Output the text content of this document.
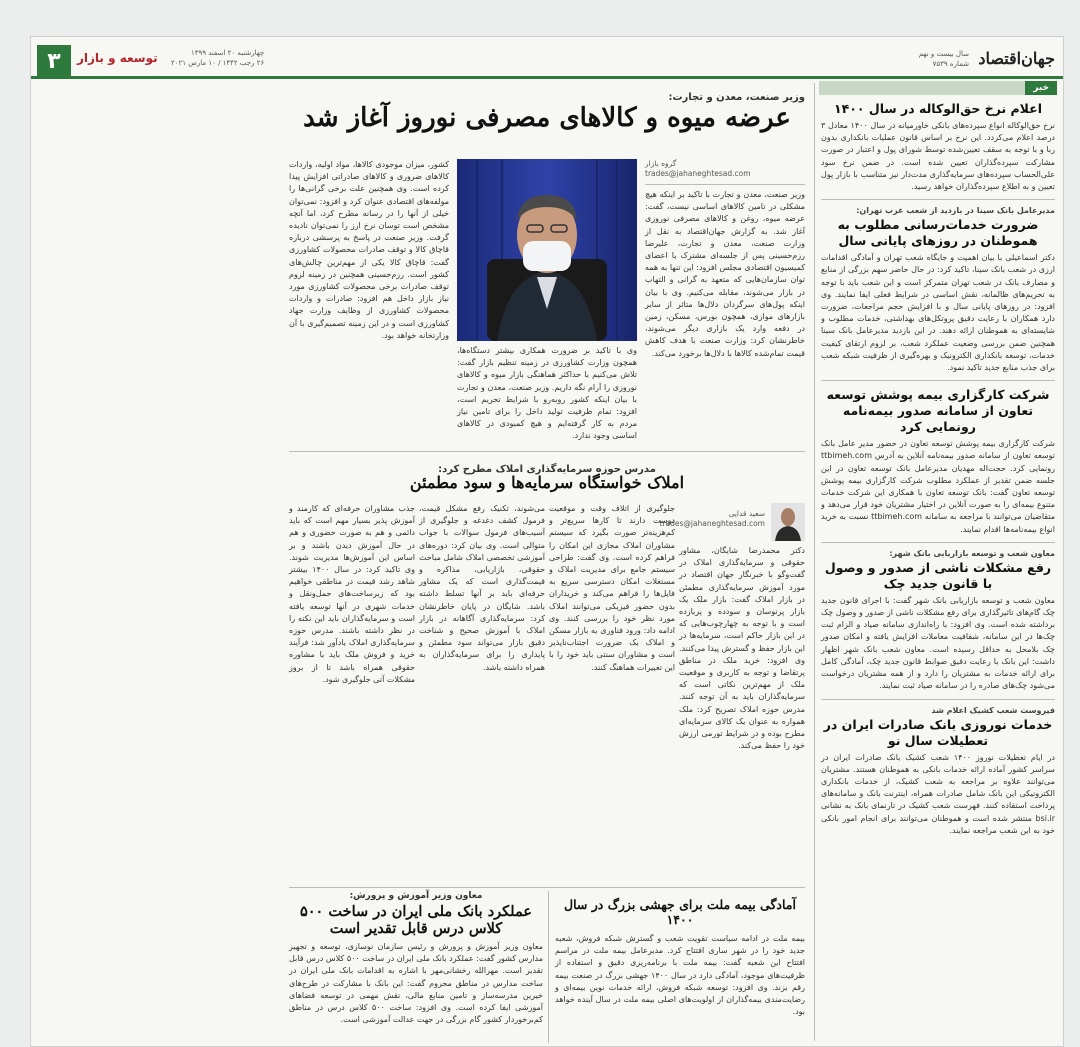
جهان‌اقتصاد
سال بیست و نهم
شماره ۷۵۳۹
چهارشنبه ۲۰ اسفند ۱۳۹۹
۲۶ رجب ۱۴۴۲ / ۱۰ مارس ۲۰۲۱
توسعه و بازار
۳
خبر
اعلام نرخ حق‌الوکاله در سال ۱۴۰۰
نرخ حق‌الوکاله انواع سپرده‌های بانکی خاورمیانه در سال ۱۴۰۰ معادل ۳ درصد اعلام می‌کردد. این نرخ بر اساس قانون عملیات بانکداری بدون ربا و با توجه به سقف تعیین‌شده توسط شورای پول و اعتبار در صورت مشارکت سپرده‌گذاران تعیین شده است. در ضمن نرخ سود علی‌الحساب سپرده‌های سرمایه‌گذاری مدت‌دار نیز متناسب با بازار پول تعیین و به اطلاع سپرده‌گذاران خواهد رسید.
مدیرعامل بانک سینا در بازدید از شعب غرب تهران:
ضرورت خدمات‌رسانی مطلوب به هموطنان در روزهای پایانی سال
دکتر اسماعیلی با بیان اهمیت و جایگاه شعب تهران و آمادگی اقدامات ارزی در شعب بانک سینا، تاکید کرد: در حال حاضر سهم بزرگی از منابع و مصارف بانک در شعب تهران متمرکز است و این شعب باید با توجه به تحریم‌های ظالمانه، نقش اساسی در شرایط فعلی ایفا نمایند. وی افزود: در روزهای پایانی سال و با افزایش حجم مراجعات، ضرورت دارد همکاران با رعایت دقیق پروتکل‌های بهداشتی، خدمات مطلوب و شایسته‌ای به هموطنان ارائه دهند. در این بازدید مدیرعامل بانک سینا همچنین ضمن بررسی وضعیت عملکرد شعب، بر لزوم ارتقای کیفیت خدمات، توسعه بانکداری الکترونیک و بهره‌گیری از ظرفیت شبکه شعب برای جذب منابع جدید تاکید نمود.
شرکت کارگزاری بیمه پوشش توسعه تعاون از سامانه صدور بیمه‌نامه رونمایی کرد
شرکت کارگزاری بیمه پوشش توسعه تعاون در حضور مدیر عامل بانک توسعه تعاون از سامانه صدور بیمه‌نامه آنلاین به آدرس ttbimeh.com رونمایی کرد. حجت‌اله مهدیان مدیرعامل بانک توسعه تعاون در این جلسه ضمن تقدیر از عملکرد مطلوب شرکت کارگزاری بیمه پوشش توسعه تعاون گفت: بانک توسعه تعاون با همکاری این شرکت خدمات متنوع بیمه‌ای را به صورت آنلاین در اختیار مشتریان خود قرار می‌دهد و متقاضیان می‌توانند با مراجعه به سامانه ttbimeh.com نسبت به خرید انواع بیمه‌نامه‌ها اقدام نمایند.
معاون شعب و توسعه بازاریابی بانک شهر:
رفع مشکلات ناشی از صدور و وصول با قانون جدید چک
معاون شعب و توسعه بازاریابی بانک شهر گفت: با اجرای قانون جدید چک گام‌های تاثیرگذاری برای رفع مشکلات ناشی از صدور و وصول چک برداشته شده است. وی افزود: با راه‌اندازی سامانه صیاد و الزام ثبت چک‌ها در این سامانه، شفافیت معاملات افزایش یافته و امکان صدور چک بلامحل به حداقل رسیده است. معاون شعب بانک شهر اظهار داشت: این بانک با رعایت دقیق ضوابط قانون جدید چک، آمادگی کامل برای ارائه خدمات به مشتریان را دارد و از همه مشتریان درخواست می‌شود چک‌های صادره را در سامانه صیاد ثبت نمایند.
فیروست شعب کشیک اعلام شد
خدمات نوروزی بانک صادرات ایران در تعطیلات سال نو
در ایام تعطیلات نوروز ۱۴۰۰ شعب کشیک بانک صادرات ایران در سراسر کشور آماده ارائه خدمات بانکی به هموطنان هستند. مشتریان می‌توانند علاوه بر مراجعه به شعب کشیک، از خدمات بانکداری الکترونیکی این بانک شامل صادرات همراه، اینترنت بانک و سامانه‌های پرداخت استفاده کنند. فهرست شعب کشیک در تارنمای بانک به نشانی bsi.ir منتشر شده است و هموطنان می‌توانند برای انجام امور بانکی خود به این شعب مراجعه نمایند.
وزیر صنعت، معدن و تجارت:
عرضه میوه و کالاهای مصرفی نوروز آغاز شد
گروه بازار
trades@jahaneghtesad.com
وزیر صنعت، معدن و تجارت با تاکید بر اینکه هیچ مشکلی در تامین کالاهای اساسی نیست، گفت: عرضه میوه، روغن و کالاهای مصرفی نوروزی آغاز شد. به گزارش جهان‌اقتصاد به نقل از وزارت صنعت، معدن و تجارت، علیرضا رزم‌حسینی پس از جلسه‌ای مشترک با اعضای کمیسیون اقتصادی مجلس افزود: این تنها به همه توان سازمان‌هایی که متعهد به گرانی و التهاب در بازار می‌شوند، مقابله می‌کنیم. وی با بیان اینکه پول‌های سرگردان دلال‌ها متاثر از سایر بازارهای موازی، همچون بورس، مسکن، زمین در دفعه وارد یک بازاری دیگر می‌شوند، خاطرنشان کرد: وزارت صنعت با هدف کاهش قیمت تمام‌شده کالاها با دلال‌ها برخورد می‌کند.
کشور، میزان موجودی کالاها، مواد اولیه، واردات کالاهای ضروری و کالاهای صادراتی افزایش پیدا کرده است. وی همچنین علت برخی گرانی‌ها را مولفه‌های اقتصادی عنوان کرد و افزود: نمی‌توان خیلی از آنها را در رسانه مطرح کرد، اما آنچه مشخص است توسان نرخ ارز را نمی‌توان نادیده گرفت. وزیر صنعت در پاسخ به پرسشی درباره قاچاق کالا و توقف صادرات محصولات کشاورزی گفت: قاچاق کالا یکی از مهم‌ترین چالش‌های کشور است. رزم‌حسینی همچنین در زمینه لزوم توقف صادرات برخی محصولات کشاورزی مورد نیاز بازار داخل هم افزود: صادرات و واردات محصولات کشاورزی از وظایف وزارت جهاد کشاورزی است و در این زمینه تصمیم‌گیری با آن وزارتخانه خواهد بود.
وی با تاکید بر ضرورت همکاری بیشتر دستگاه‌ها، همچون وزارت کشاورزی در زمینه تنظیم بازار گفت: تلاش می‌کنیم با حداکثر هماهنگی بازار میوه و کالاهای نوروزی را آرام نگه داریم. وزیر صنعت، معدن و تجارت با بیان اینکه کشور روبه‌رو با شرایط تحریم است، افزود: تمام ظرفیت تولید داخل را برای تامین نیاز مردم به کار گرفته‌ایم و هیچ کمبودی در کالاهای اساسی وجود ندارد.
مدرس حوزه سرمایه‌گذاری املاک مطرح کرد:
املاک خواستگاه سرمایه‌ها و سود مطمئن
سعید قدایی
trades@jahaneghtesad.com
دکتر محمدرضا شایگان، مشاور حقوقی و سرمایه‌گذاری املاک در گفت‌وگو با خبرنگار جهان اقتصاد در مورد آموزش سرمایه‌گذاری مطمئن در بازار املاک گفت: بازار ملک یک بازار پرنوسان و سودده و پربازده است و با توجه به چهارچوب‌هایی که در این بازار حاکم است، سرمایه‌ها در این بازار حفظ و گسترش پیدا می‌کنند. وی افزود: خرید ملک در مناطق پرتقاضا و توجه به کاربری و موقعیت ملک از مهم‌ترین نکاتی است که سرمایه‌گذاران باید به آن توجه کنند. مدرس حوزه املاک تصریح کرد: ملک همواره به عنوان یک کالای سرمایه‌ای مطرح بوده و در شرایط تورمی ارزش خود را حفظ می‌کند.
جلوگیری از اتلاف وقت و موقعیت دوست دارند تا کارها سریع‌تر و کم‌هزینه‌تر صورت بگیرد که سیستم مشاوران املاک مجازی این امکان را فراهم کرده است. وی گفت: طراحی سیستم جامع برای مدیریت املاک و مستغلات امکان دسترسی سریع به فایل‌ها را فراهم می‌کند و خریداران بدون حضور فیزیکی می‌توانند املاک مورد نظر خود را بررسی کنند. وی ادامه داد: ورود فناوری به بازار مسکن و املاک یک ضرورت اجتناب‌ناپذیر است و مشاوران سنتی باید خود را با این تغییرات هماهنگ کنند.
می‌شوند، تکنیک رفع مشکل قیمت، فرمول کشف دغدغه و جلوگیری از آسیب‌های فرمول سوالات با جواب متوالی است. وی بیان کرد: دوره‌های آموزشی تخصصی املاک شامل مباحث حقوقی، بازاریابی، مذاکره و قیمت‌گذاری است که یک مشاور حرفه‌ای باید بر آنها تسلط داشته باشد. شایگان در پایان خاطرنشان کرد: سرمایه‌گذاری آگاهانه در بازار املاک با آموزش صحیح و شناخت دقیق بازار می‌تواند سود مطمئن و پایداری را برای سرمایه‌گذاران به همراه داشته باشد.
جذب مشاوران حرفه‌ای که کارمند و آموزش پذیر بسیار مهم است که باید دائمی و هم به صورت حضوری و هم در حال آموزش دیدن باشند و بر اساس این آموزش‌ها مدیریت شوند. وی تاکید کرد: در سال ۱۴۰۰ بیشتر شاهد رشد قیمت در مناطقی خواهیم بود که زیرساخت‌های حمل‌ونقل و خدمات شهری در آنها توسعه یافته است و سرمایه‌گذاران باید این نکته را در نظر داشته باشند. مدرس حوزه سرمایه‌گذاری املاک یادآور شد: فرآیند خرید و فروش ملک باید با مشاوره حقوقی همراه باشد تا از بروز مشکلات آتی جلوگیری شود.
معاون وزیر آموزش و پرورش:
عملکرد بانک ملی ایران در ساخت ۵۰۰ کلاس درس قابل تقدیر است
معاون وزیر آموزش و پرورش و رئیس سازمان نوسازی، توسعه و تجهیز مدارس کشور گفت: عملکرد بانک ملی ایران در ساخت ۵۰۰ کلاس درس قابل تقدیر است. مهرالله رخشانی‌مهر با اشاره به اقدامات بانک ملی ایران در ساخت مدارس در مناطق محروم گفت: این بانک با مشارکت در طرح‌های خیرین مدرسه‌ساز و تامین منابع مالی، نقش مهمی در توسعه فضاهای آموزشی ایفا کرده است. وی افزود: ساخت ۵۰۰ کلاس درس در مناطق کم‌برخوردار کشور گام بزرگی در جهت عدالت آموزشی است.
آمادگی بیمه ملت برای جهشی بزرگ در سال ۱۴۰۰
بیمه ملت در ادامه سیاست تقویت شعب و گسترش شبکه فروش، شعبه جدید خود را در شهر ساری افتتاح کرد. مدیرعامل بیمه ملت در مراسم افتتاح این شعبه گفت: بیمه ملت با برنامه‌ریزی دقیق و استفاده از ظرفیت‌های موجود، آمادگی دارد در سال ۱۴۰۰ جهشی بزرگ در صنعت بیمه رقم بزند. وی افزود: توسعه شبکه فروش، ارائه خدمات نوین بیمه‌ای و رضایت‌مندی بیمه‌گذاران از اولویت‌های اصلی بیمه ملت در سال آینده خواهد بود.
